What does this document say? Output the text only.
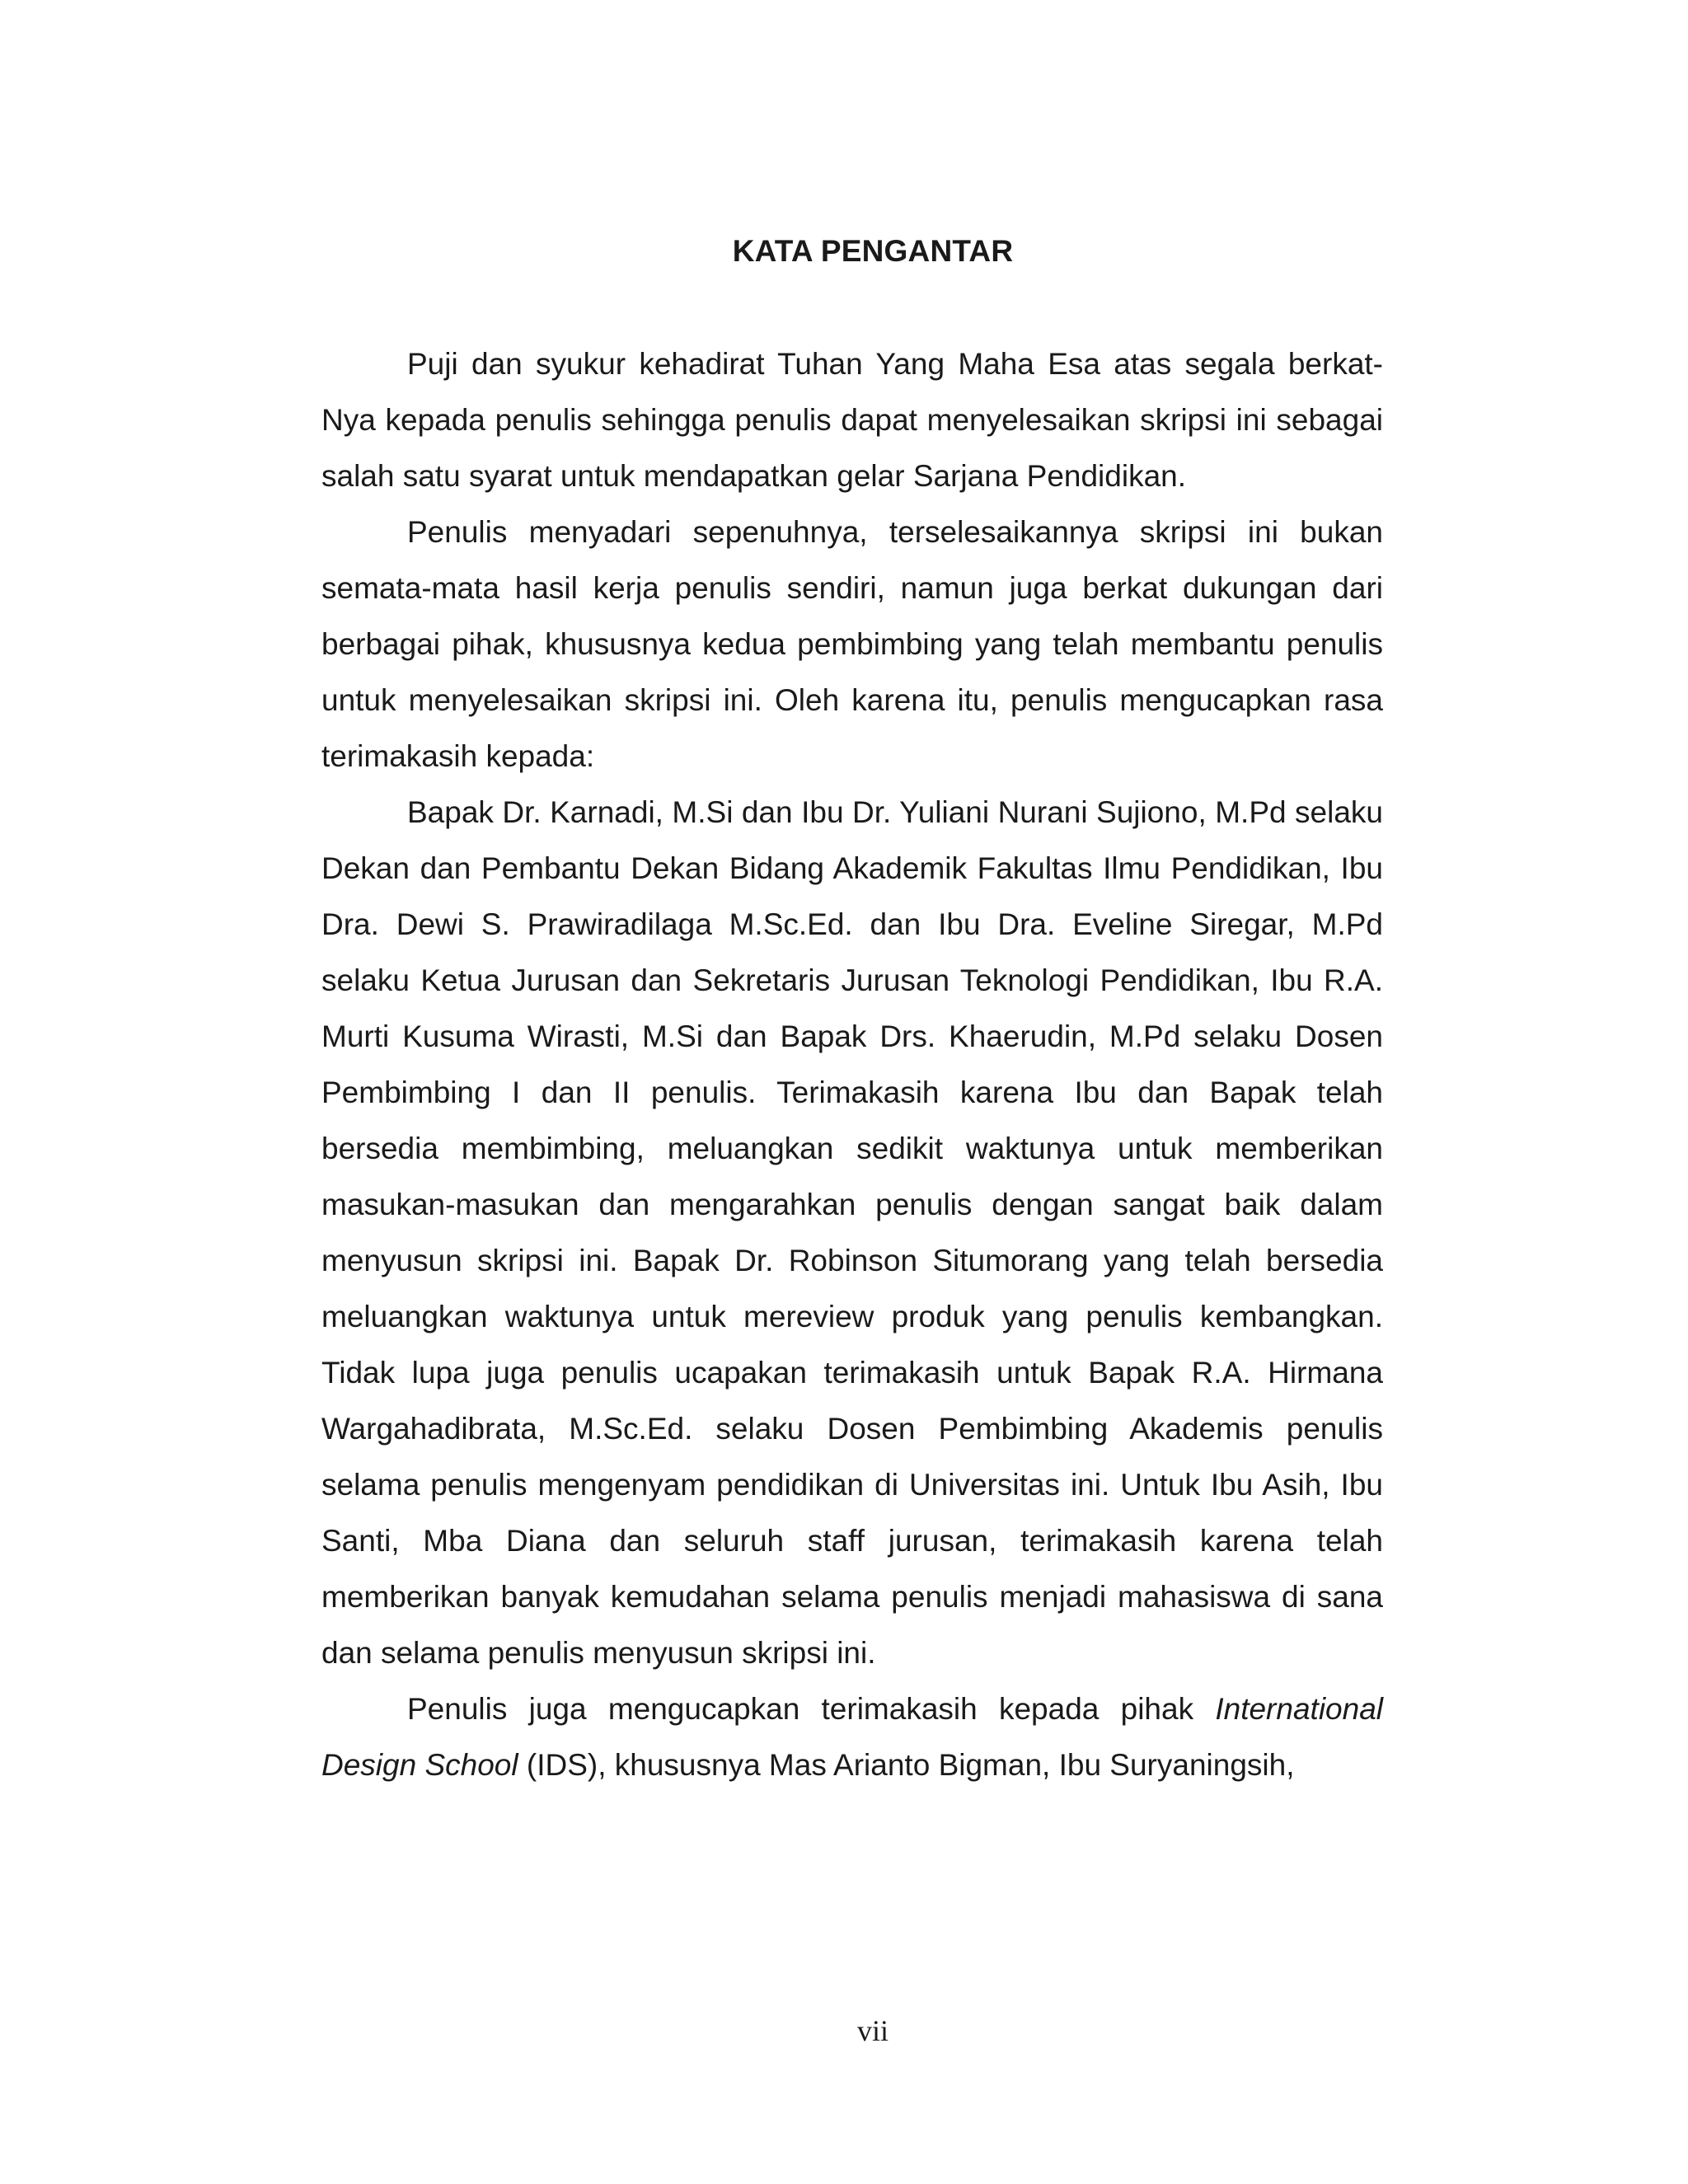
KATA PENGANTAR

Puji dan syukur kehadirat Tuhan Yang Maha Esa atas segala berkat-Nya kepada penulis sehingga penulis dapat menyelesaikan skripsi ini sebagai salah satu syarat untuk mendapatkan gelar Sarjana Pendidikan.

Penulis menyadari sepenuhnya, terselesaikannya skripsi ini bukan semata-mata hasil kerja penulis sendiri, namun juga berkat dukungan dari berbagai pihak, khususnya kedua pembimbing yang telah membantu penulis untuk menyelesaikan skripsi ini. Oleh karena itu, penulis mengucapkan rasa terimakasih kepada:

Bapak Dr. Karnadi, M.Si dan Ibu Dr. Yuliani Nurani Sujiono, M.Pd selaku Dekan dan Pembantu Dekan Bidang Akademik Fakultas Ilmu Pendidikan, Ibu Dra. Dewi S. Prawiradilaga M.Sc.Ed. dan Ibu Dra. Eveline Siregar, M.Pd selaku Ketua Jurusan dan Sekretaris Jurusan Teknologi Pendidikan, Ibu R.A. Murti Kusuma Wirasti, M.Si dan Bapak Drs. Khaerudin, M.Pd selaku Dosen Pembimbing I dan II penulis. Terimakasih karena Ibu dan Bapak telah bersedia membimbing, meluangkan sedikit waktunya untuk memberikan masukan-masukan dan mengarahkan penulis dengan sangat baik dalam menyusun skripsi ini. Bapak Dr. Robinson Situmorang yang telah bersedia meluangkan waktunya untuk mereview produk yang penulis kembangkan. Tidak lupa juga penulis ucapakan terimakasih untuk Bapak R.A. Hirmana Wargahadibrata, M.Sc.Ed. selaku Dosen Pembimbing Akademis penulis selama penulis mengenyam pendidikan di Universitas ini. Untuk Ibu Asih, Ibu Santi, Mba Diana dan seluruh staff jurusan, terimakasih karena telah memberikan banyak kemudahan selama penulis menjadi mahasiswa di sana dan selama penulis menyusun skripsi ini.

Penulis juga mengucapkan terimakasih kepada pihak International Design School (IDS), khususnya Mas Arianto Bigman, Ibu Suryaningsih,

vii
